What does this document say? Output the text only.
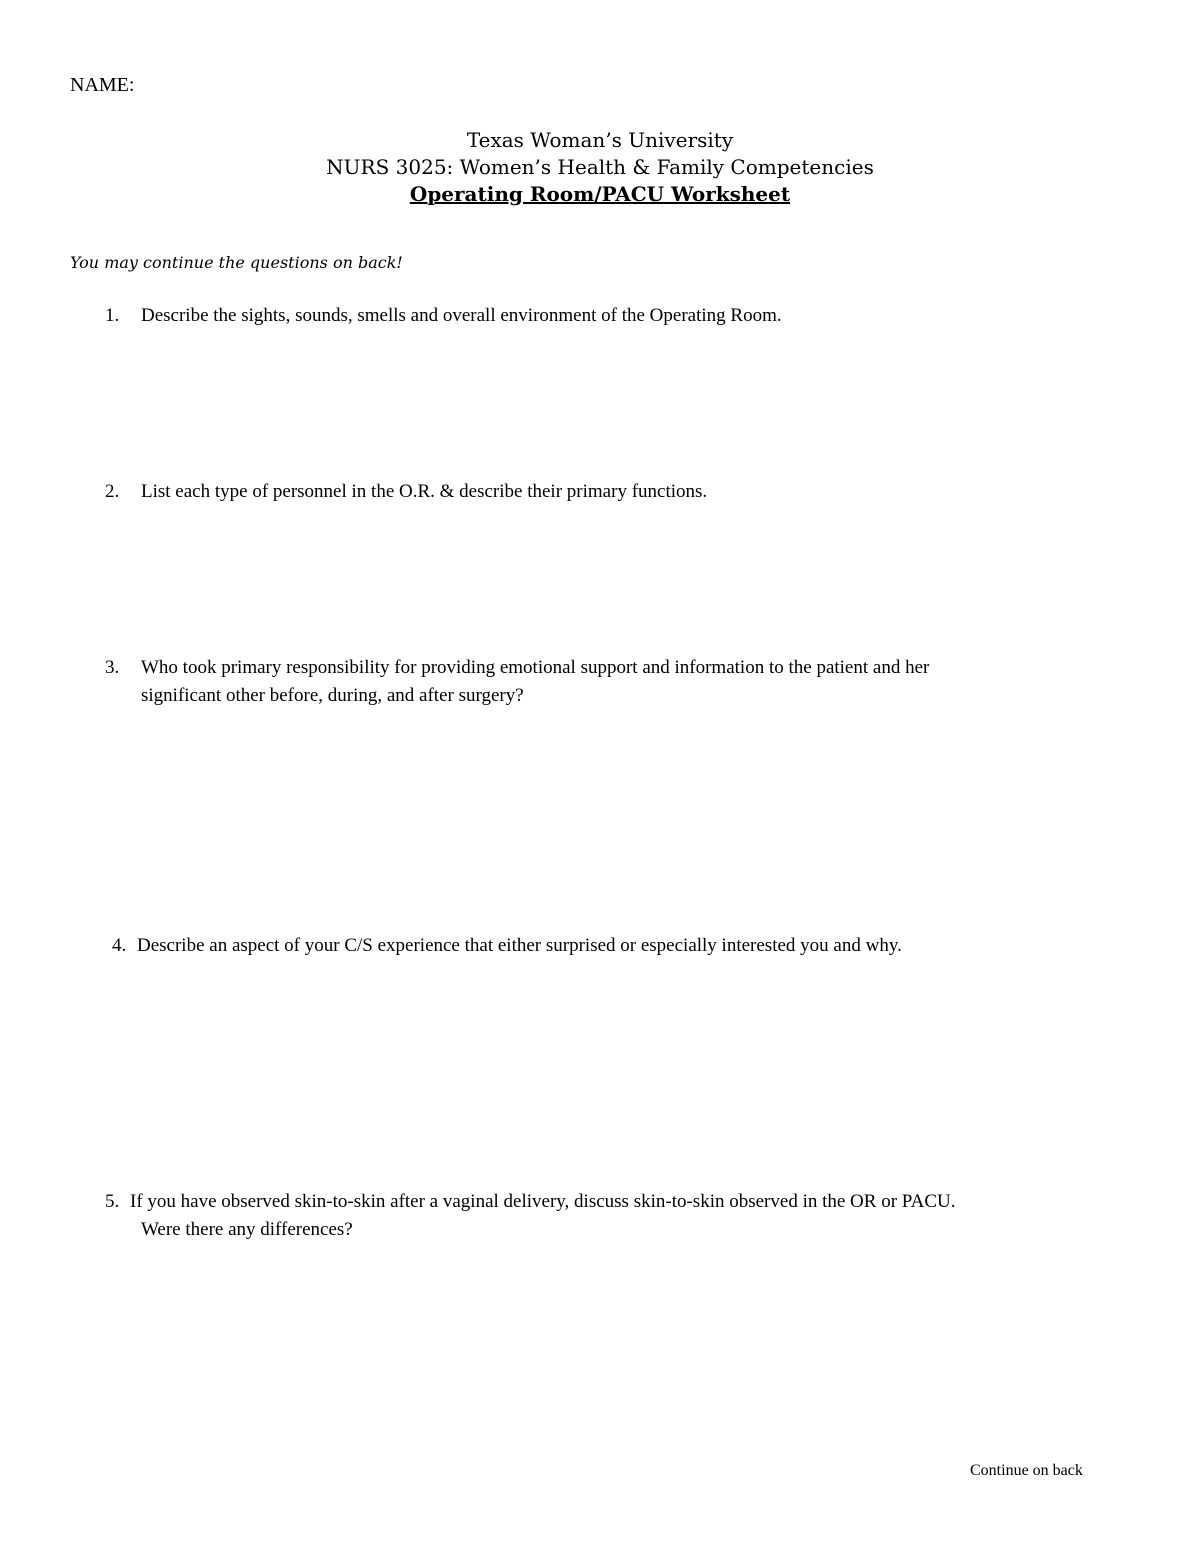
NAME:
Texas Woman’s University
NURS 3025: Women’s Health & Family Competencies
Operating Room/PACU Worksheet
You may continue the questions on back!
1. Describe the sights, sounds, smells and overall environment of the Operating Room.
2. List each type of personnel in the O.R. & describe their primary functions.
3. Who took primary responsibility for providing emotional support and information to the patient and her
significant other before, during, and after surgery?
4. Describe an aspect of your C/S experience that either surprised or especially interested you and why.
5. If you have observed skin-to-skin after a vaginal delivery, discuss skin-to-skin observed in the OR or PACU.
Were there any differences?
Continue on back
